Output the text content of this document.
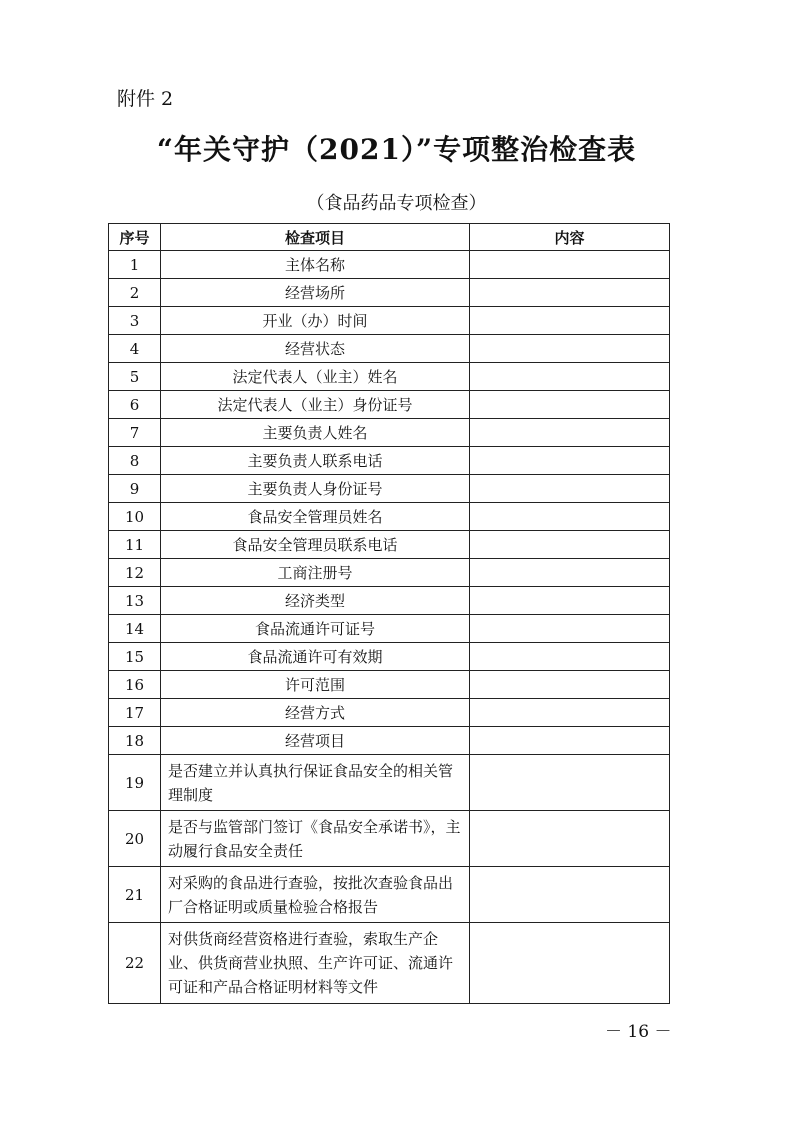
附件 2
“年关守护（2021）”专项整治检查表
（食品药品专项检查）
序号	检查项目	内容
1	主体名称	
2	经营场所	
3	开业（办）时间	
4	经营状态	
5	法定代表人（业主）姓名	
6	法定代表人（业主）身份证号	
7	主要负责人姓名	
8	主要负责人联系电话	
9	主要负责人身份证号	
10	食品安全管理员姓名	
11	食品安全管理员联系电话	
12	工商注册号	
13	经济类型	
14	食品流通许可证号	
15	食品流通许可有效期	
16	许可范围	
17	经营方式	
18	经营项目	
19	是否建立并认真执行保证食品安全的相关管理制度	
20	是否与监管部门签订《食品安全承诺书》，主动履行食品安全责任	
21	对采购的食品进行查验，按批次查验食品出厂合格证明或质量检验合格报告	
22	对供货商经营资格进行查验，索取生产企业、供货商营业执照、生产许可证、流通许可证和产品合格证明材料等文件	
－ 16 －
